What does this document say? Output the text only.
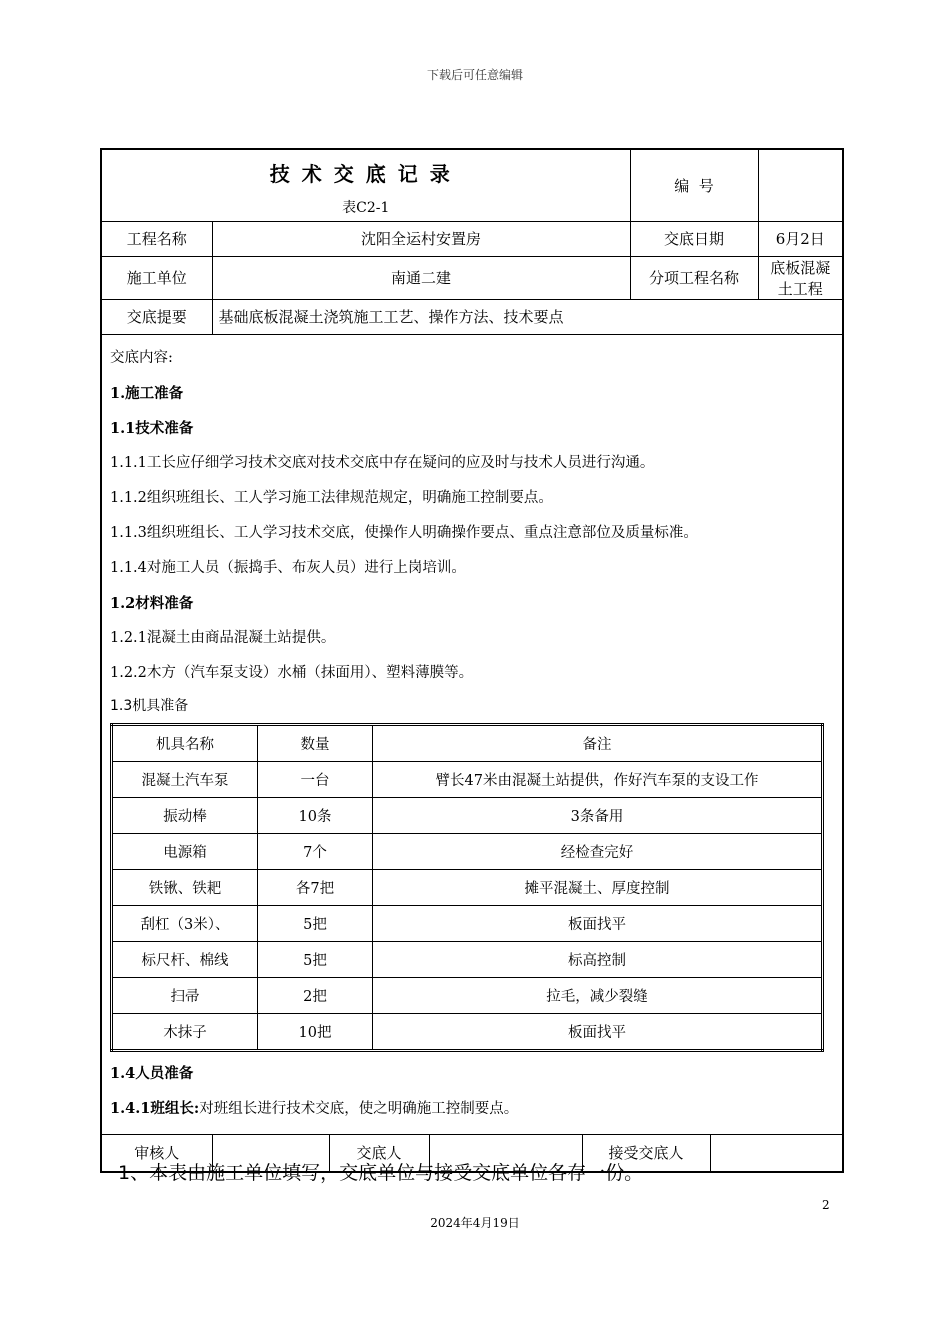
下载后可任意编辑
技术交底记录
表C2-1
	编  号	
工程名称	沈阳全运村安置房	交底日期	6月2日
施工单位	南通二建	分项工程名称	底板混凝土工程
交底提要	基础底板混凝土浇筑施工工艺、操作方法、技术要点

交底内容:
1.施工准备
1.1技术准备
1.1.1工长应仔细学习技术交底对技术交底中存在疑问的应及时与技术人员进行沟通。
1.1.2组织班组长、工人学习施工法律规范规定，明确施工控制要点。
1.1.3组织班组长、工人学习技术交底，使操作人明确操作要点、重点注意部位及质量标准。
1.1.4对施工人员（振捣手、布灰人员）进行上岗培训。
1.2材料准备
1.2.1混凝土由商品混凝土站提供。
1.2.2木方（汽车泵支设）水桶（抹面用）、塑料薄膜等。
1.3机具准备
机具名称	数量	备注
混凝土汽车泵	一台	臂长47米由混凝土站提供，作好汽车泵的支设工作
振动棒	10条	3条备用
电源箱	7个	经检查完好
铁锹、铁耙	各7把	摊平混凝土、厚度控制
刮杠（3米）、	5把	板面找平
标尺杆、棉线	5把	标高控制
扫帚	2把	拉毛，减少裂缝
木抹子	10把	板面找平
1.4人员准备
1.4.1班组长:对班组长进行技术交底，使之明确施工控制要点。

审核人		交底人		接受交底人	
1、本表由施工单位填写，交底单位与接受交底单位各存一份。
2
2024年4月19日
